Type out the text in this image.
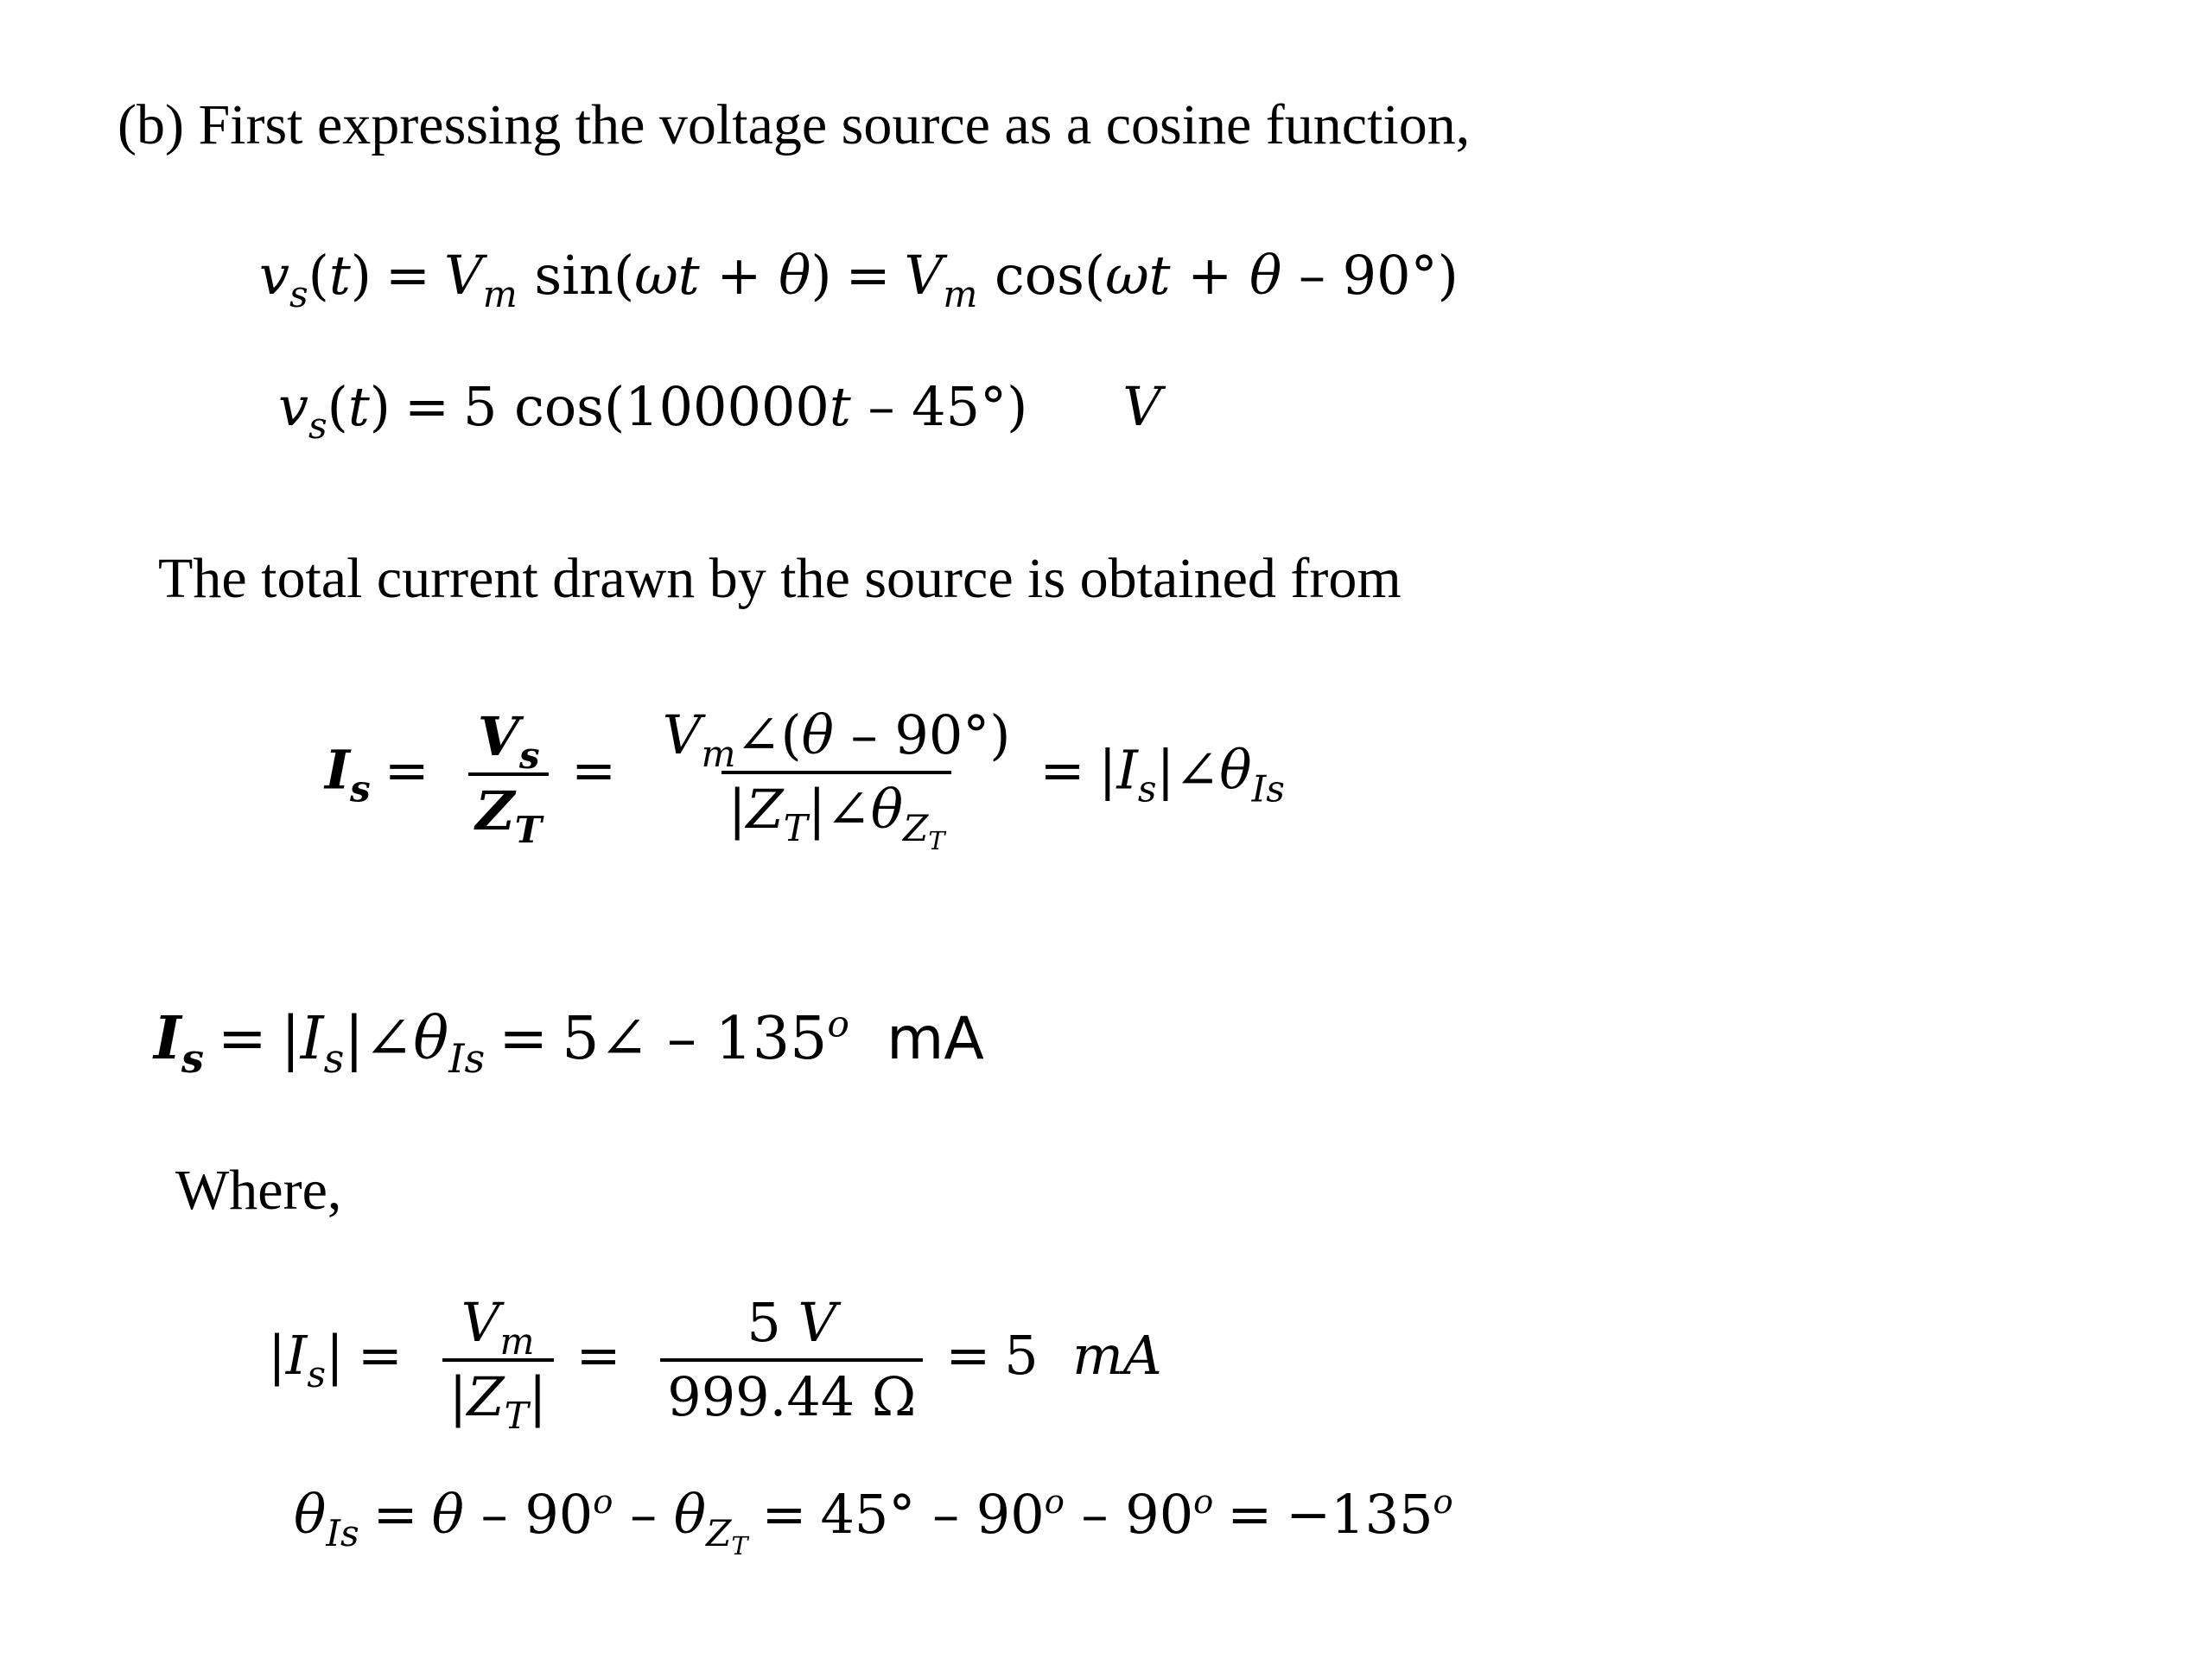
(b) First expressing the voltage source as a cosine function,
$v_s(t) = V_m$ $\sin(\omega t + \theta) = V_m$ cos(ωt + θ – 90°)
$v_s(t) = 5$ cos(100000t – 45°) V
The total current drawn by the source is obtained from
$I_s = \frac{V_s}{Z_T} = \frac{V_m\angle(\theta - 90^\circ)}{|Z_T|\angle\theta_{Z_T}}$ = $|I_s|\angle\theta_{Is}$
$I_s$ = $|I_s|\angle\theta_{Is}$ = 5∠ – 135$^o$ mA
Where,
$|I_s| = \frac{V_m}{|Z_T|} = \frac{5 V}{999.44 \Omega} = 5$  mA
$\theta_{Is} = \theta - 90^o - \theta_{Z_T} = 45^\circ - 90^o - 90^o = -135^o$
